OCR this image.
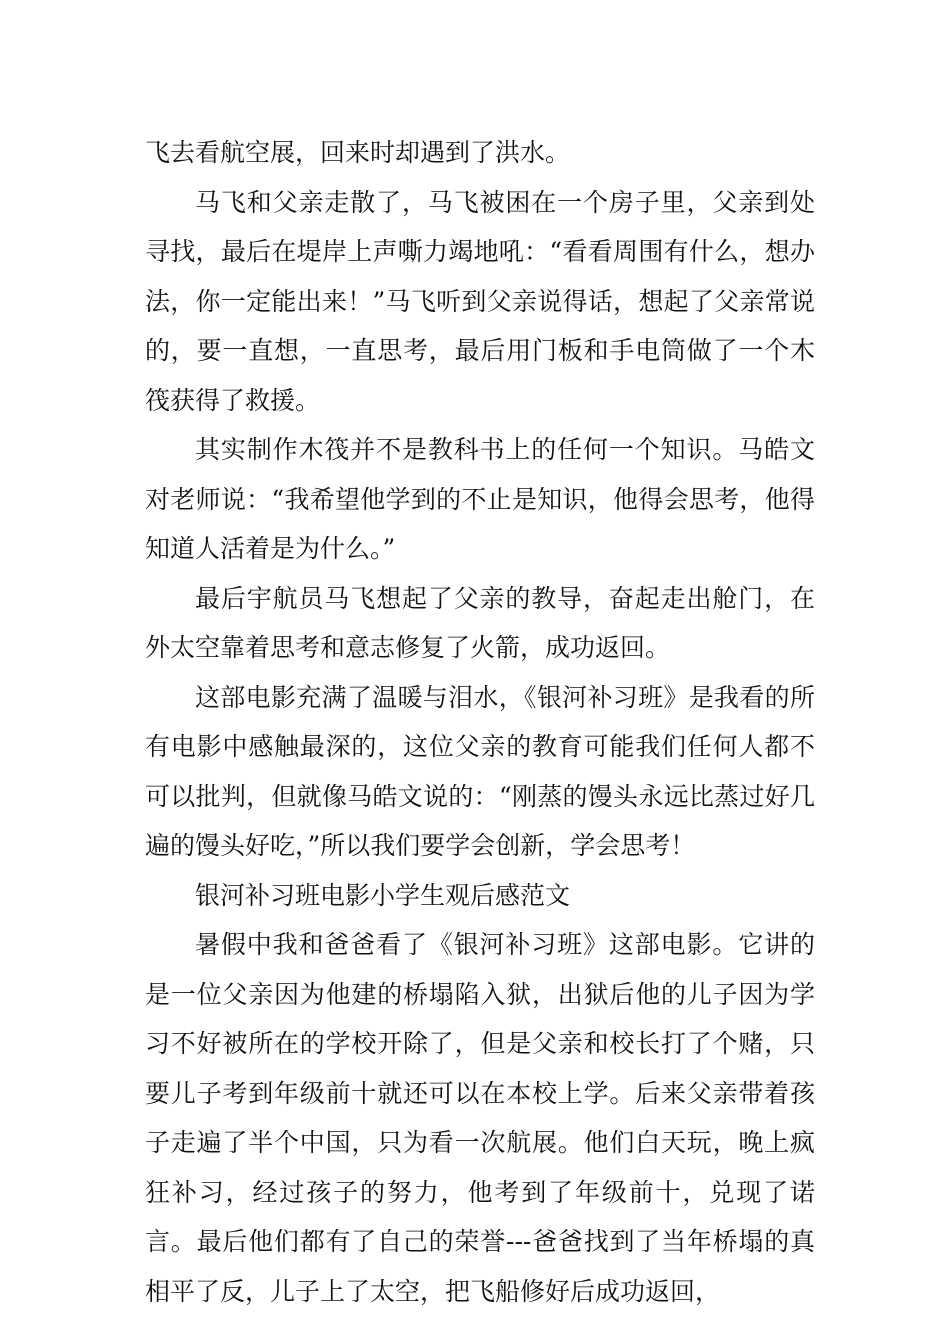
飞去看航空展，回来时却遇到了洪水。

马飞和父亲走散了，马飞被困在一个房子里，父亲到处寻找，最后在堤岸上声嘶力竭地吼：“看看周围有什么，想办法，你一定能出来！”马飞听到父亲说得话，想起了父亲常说的，要一直想，一直思考，最后用门板和手电筒做了一个木筏获得了救援。

其实制作木筏并不是教科书上的任何一个知识。马皓文对老师说：“我希望他学到的不止是知识，他得会思考，他得知道人活着是为什么。”

最后宇航员马飞想起了父亲的教导，奋起走出舱门，在外太空靠着思考和意志修复了火箭，成功返回。

这部电影充满了温暖与泪水，《银河补习班》是我看的所有电影中感触最深的，这位父亲的教育可能我们任何人都不可以批判，但就像马皓文说的：“刚蒸的馒头永远比蒸过好几遍的馒头好吃，”所以我们要学会创新，学会思考！

银河补习班电影小学生观后感范文

暑假中我和爸爸看了《银河补习班》这部电影。它讲的是一位父亲因为他建的桥塌陷入狱，出狱后他的儿子因为学习不好被所在的学校开除了，但是父亲和校长打了个赌，只要儿子考到年级前十就还可以在本校上学。后来父亲带着孩子走遍了半个中国，只为看一次航展。他们白天玩，晚上疯狂补习，经过孩子的努力，他考到了年级前十，兑现了诺言。最后他们都有了自己的荣誉---爸爸找到了当年桥塌的真相平了反，儿子上了太空，把飞船修好后成功返回，
